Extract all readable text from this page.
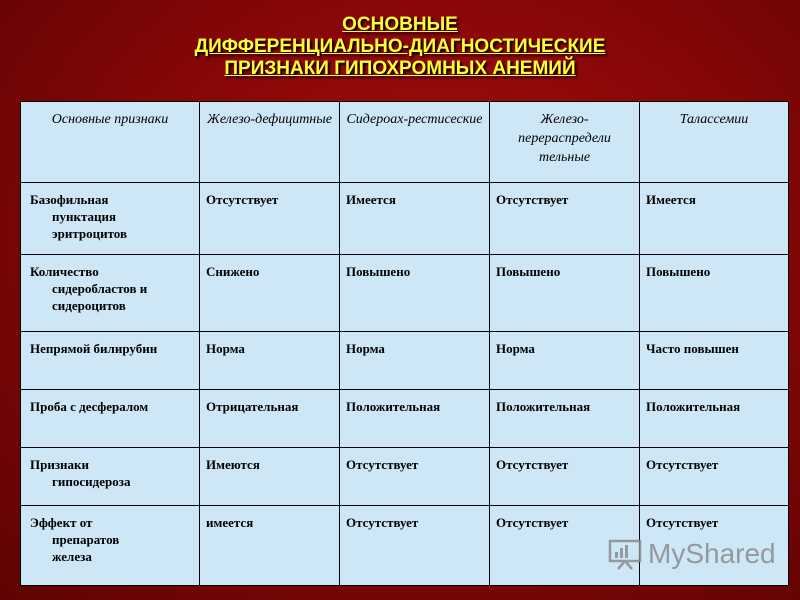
ОСНОВНЫЕ
ДИФФЕРЕНЦИАЛЬНО-ДИАГНОСТИЧЕСКИЕ
ПРИЗНАКИ ГИПОХРОМНЫХ АНЕМИЙ
Основные признаки	Железо-дефицитные	Сидероах-рестисеские	Железо-перераспредели тельные	Талассемии

Базофильная
пунктация
эритроцитов	Отсутствует	Имеется	Отсутствует	Имеется

Количество
сидеробластов и
сидероцитов	Снижено	Повышено	Повышено	Повышено
Непрямой билирубин	Норма	Норма	Норма	Часто повышен
Проба с десфералом	Отрицательная	Положительная	Положительная	Положительная

Признаки
гипосидероза	Имеются	Отсутствует	Отсутствует	Отсутствует

Эффект от
препаратов
железа	имеется	Отсутствует	Отсутствует	Отсутствует
MyShared
